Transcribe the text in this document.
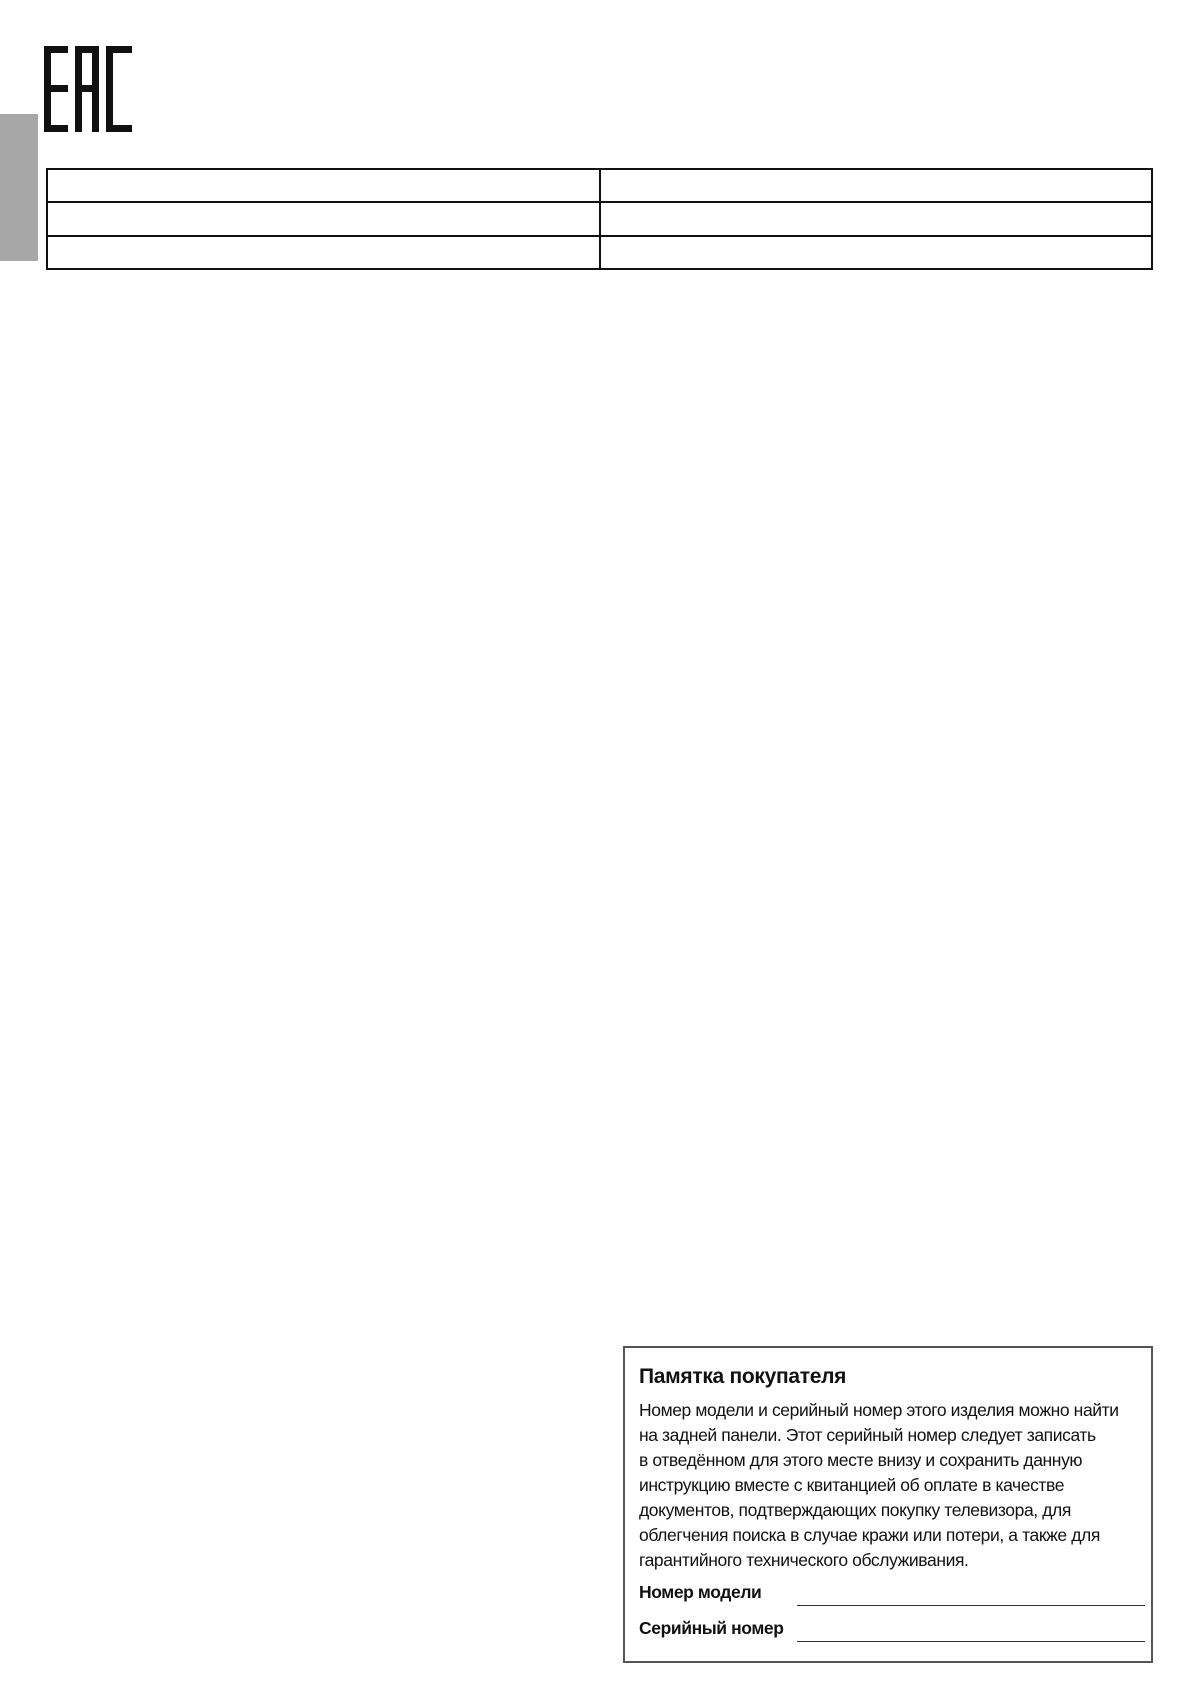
Памятка покупателя

Номер модели и серийный номер этого изделия можно найти
на задней панели. Этот серийный номер следует записать
в отведённом для этого месте внизу и сохранить данную
инструкцию вместе с квитанцией об оплате в качестве
документов, подтверждающих покупку телевизора, для
облегчения поиска в случае кражи или потери, а также для
гарантийного технического обслуживания.

Номер модели
Серийный номер
